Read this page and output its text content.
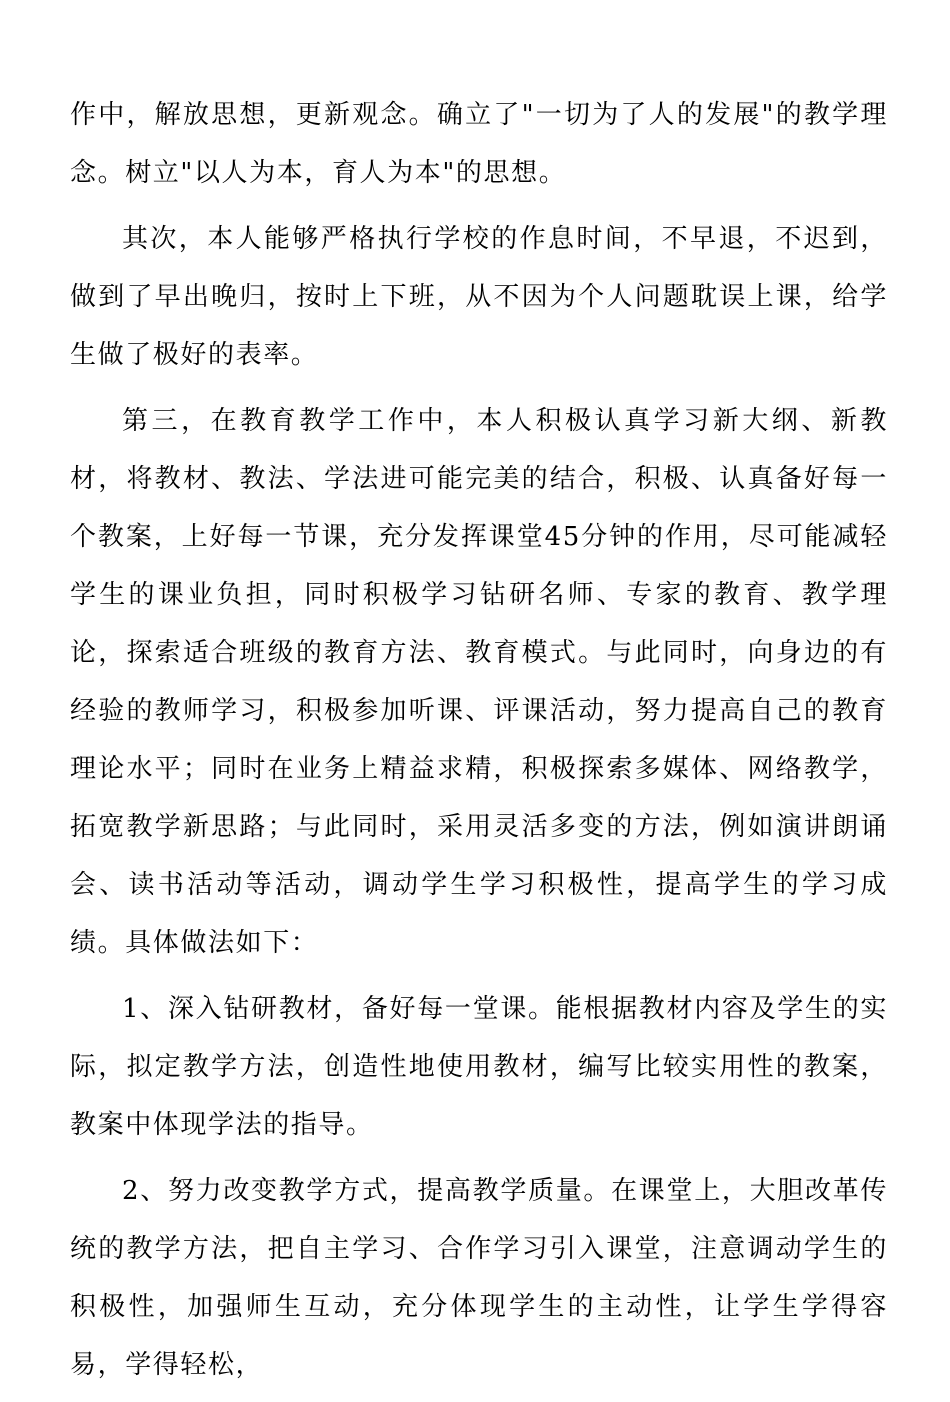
作中，解放思想，更新观念。确立了"一切为了人的发展"的教学理念。树立"以人为本，育人为本"的思想。

其次，本人能够严格执行学校的作息时间，不早退，不迟到，做到了早出晚归，按时上下班，从不因为个人问题耽误上课，给学生做了极好的表率。

第三，在教育教学工作中，本人积极认真学习新大纲、新教材，将教材、教法、学法进可能完美的结合，积极、认真备好每一个教案，上好每一节课，充分发挥课堂45分钟的作用，尽可能减轻学生的课业负担，同时积极学习钻研名师、专家的教育、教学理论，探索适合班级的教育方法、教育模式。与此同时，向身边的有经验的教师学习，积极参加听课、评课活动，努力提高自己的教育理论水平；同时在业务上精益求精，积极探索多媒体、网络教学，拓宽教学新思路；与此同时，采用灵活多变的方法，例如演讲朗诵会、读书活动等活动，调动学生学习积极性，提高学生的学习成绩。具体做法如下：

1、深入钻研教材，备好每一堂课。能根据教材内容及学生的实际，拟定教学方法，创造性地使用教材，编写比较实用性的教案，教案中体现学法的指导。

2、努力改变教学方式，提高教学质量。在课堂上，大胆改革传统的教学方法，把自主学习、合作学习引入课堂，注意调动学生的积极性，加强师生互动，充分体现学生的主动性，让学生学得容易，学得轻松，
